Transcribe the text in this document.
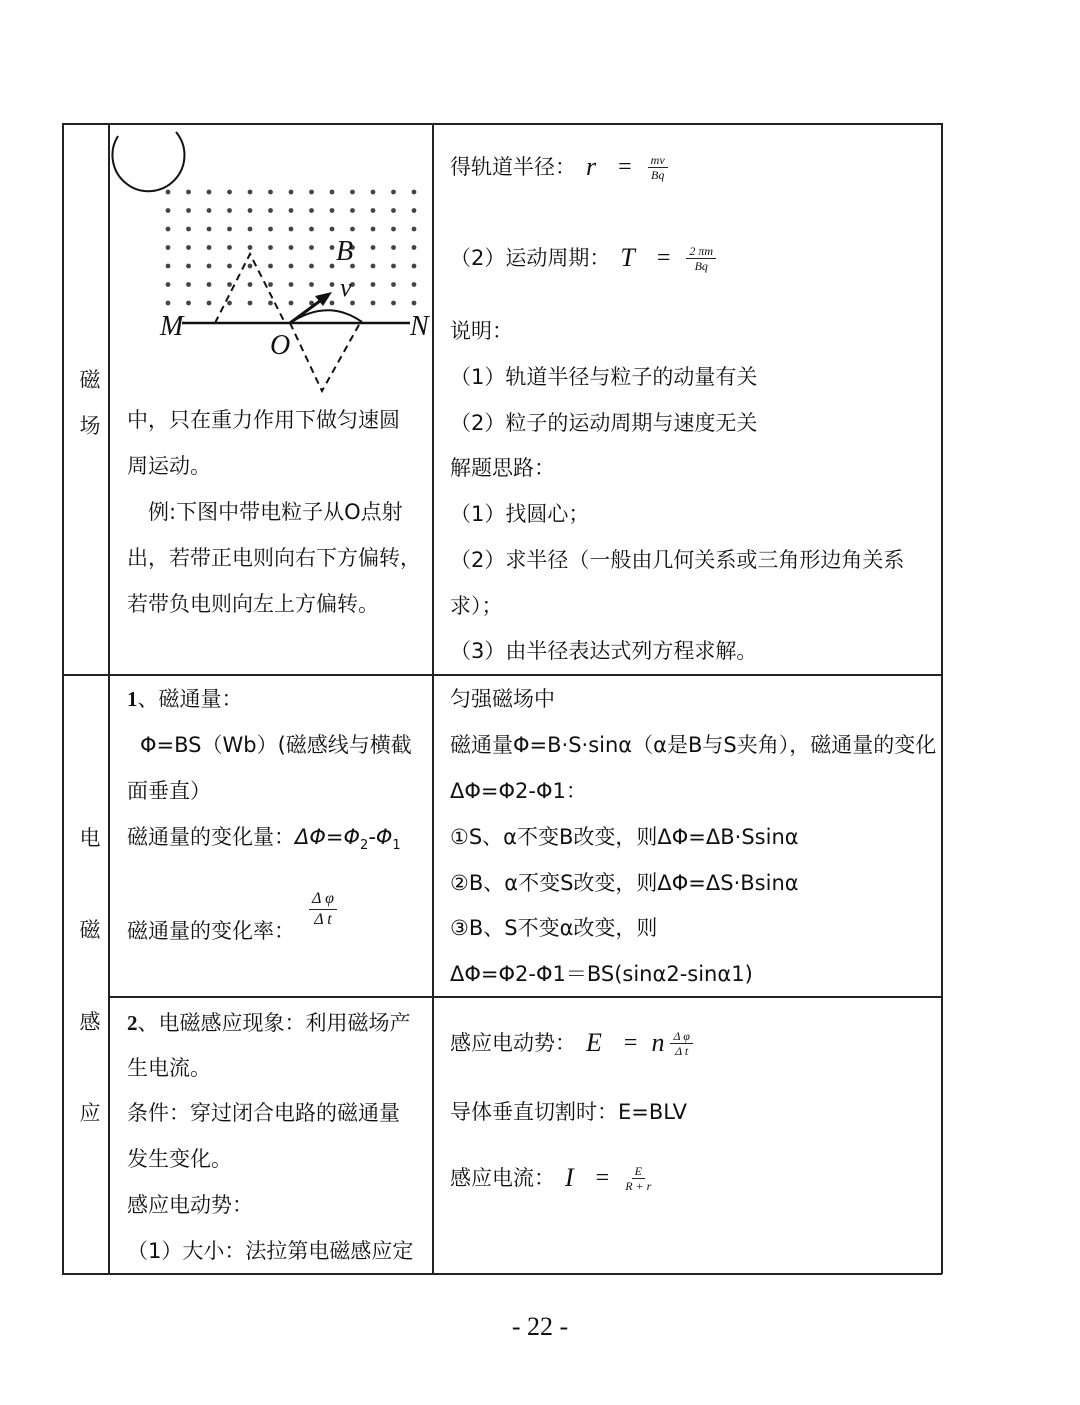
磁
场
电
磁
感
应
B
v
M
O
N
中，只在重力作用下做匀速圆
周运动。
例:下图中带电粒子从O点射
出，若带正电则向右下方偏转，
若带负电则向左上方偏转。
得轨道半径： $r = \frac{mv}{Bq}$
（2）运动周期： $T = \frac{2 \pi m}{Bq}$
说明：
（1）轨道半径与粒子的动量有关
（2）粒子的运动周期与速度无关
解题思路：
（1）找圆心；
（2）求半径（一般由几何关系或三角形边角关系
求）；
（3）由半径表达式列方程求解。
1、磁通量：
Φ=BS（Wb）(磁感线与横截
面垂直）
磁通量的变化量：$\Delta\Phi=\Phi_2-\Phi_1$
磁通量的变化率：
$\frac{\text{Δ φ}}{\text{Δ t}}$
匀强磁场中
磁通量Φ=B·S·sinα（α是B与S夹角），磁通量的变化
ΔΦ=Φ2-Φ1：
①S、α不变B改变，则ΔΦ=ΔB·Ssinα
②B、α不变S改变，则ΔΦ=ΔS·Bsinα
③B、S不变α改变，则
ΔΦ=Φ2-Φ1＝BS(sinα2-sinα1)
2、电磁感应现象：利用磁场产
生电流。
条件：穿过闭合电路的磁通量
发生变化。
感应电动势：
（1）大小：法拉第电磁感应定
感应电动势： E = n $\frac{\text{Δ φ}}{\text{Δ t}}$
导体垂直切割时：E=BLV
感应电流： $I = \frac{E}{R + r}$
- 22 -
